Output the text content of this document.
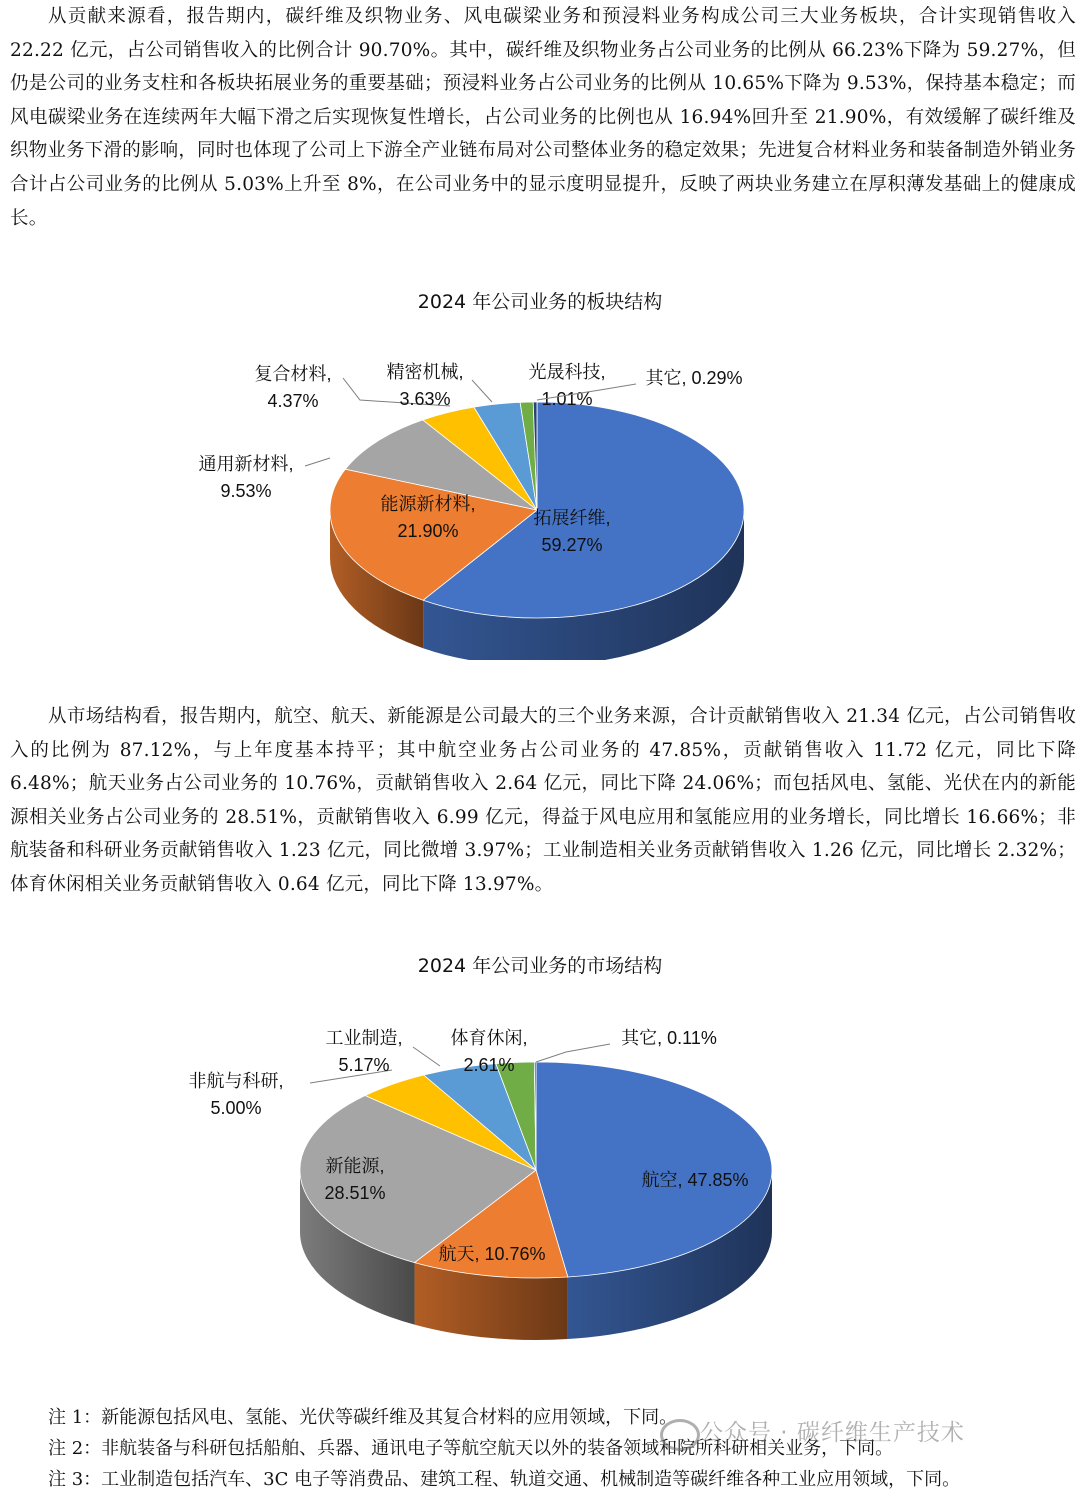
从贡献来源看，报告期内，碳纤维及织物业务、风电碳梁业务和预浸料业务构成公司三大业务板块，合计实现销售收入 22.22 亿元，占公司销售收入的比例合计 90.70%。其中，碳纤维及织物业务占公司业务的比例从 66.23%下降为 59.27%，但仍是公司的业务支柱和各板块拓展业务的重要基础；预浸料业务占公司业务的比例从 10.65%下降为 9.53%，保持基本稳定；而风电碳梁业务在连续两年大幅下滑之后实现恢复性增长，占公司业务的比例也从 16.94%回升至 21.90%，有效缓解了碳纤维及织物业务下滑的影响，同时也体现了公司上下游全产业链布局对公司整体业务的稳定效果；先进复合材料业务和装备制造外销业务合计占公司业务的比例从 5.03%上升至 8%，在公司业务中的显示度明显提升，反映了两块业务建立在厚积薄发基础上的健康成长。

2024 年公司业务的板块结构
拓展纤维, 59.27%
能源新材料, 21.90%
通用新材料, 9.53%
复合材料, 4.37%
精密机械, 3.63%
光晟科技, 1.01%
其它, 0.29%

从市场结构看，报告期内，航空、航天、新能源是公司最大的三个业务来源，合计贡献销售收入 21.34 亿元，占公司销售收入的比例为 87.12%，与上年度基本持平；其中航空业务占公司业务的 47.85%，贡献销售收入 11.72 亿元，同比下降 6.48%；航天业务占公司业务的 10.76%，贡献销售收入 2.64 亿元，同比下降 24.06%；而包括风电、氢能、光伏在内的新能源相关业务占公司业务的 28.51%，贡献销售收入 6.99 亿元，得益于风电应用和氢能应用的业务增长，同比增长 16.66%；非航装备和科研业务贡献销售收入 1.23 亿元，同比微增 3.97%；工业制造相关业务贡献销售收入 1.26 亿元，同比增长 2.32%；体育休闲相关业务贡献销售收入 0.64 亿元，同比下降 13.97%。

2024 年公司业务的市场结构
航空, 47.85%
航天, 10.76%
新能源, 28.51%
非航与科研, 5.00%
工业制造, 5.17%
体育休闲, 2.61%
其它, 0.11%
注 1：新能源包括风电、氢能、光伏等碳纤维及其复合材料的应用领域，下同。
注 2：非航装备与科研包括船舶、兵器、通讯电子等航空航天以外的装备领域和院所科研相关业务，下同。
注 3：工业制造包括汽车、3C 电子等消费品、建筑工程、轨道交通、机械制造等碳纤维各种工业应用领域，下同。
公众号 · 碳纤维生产技术
